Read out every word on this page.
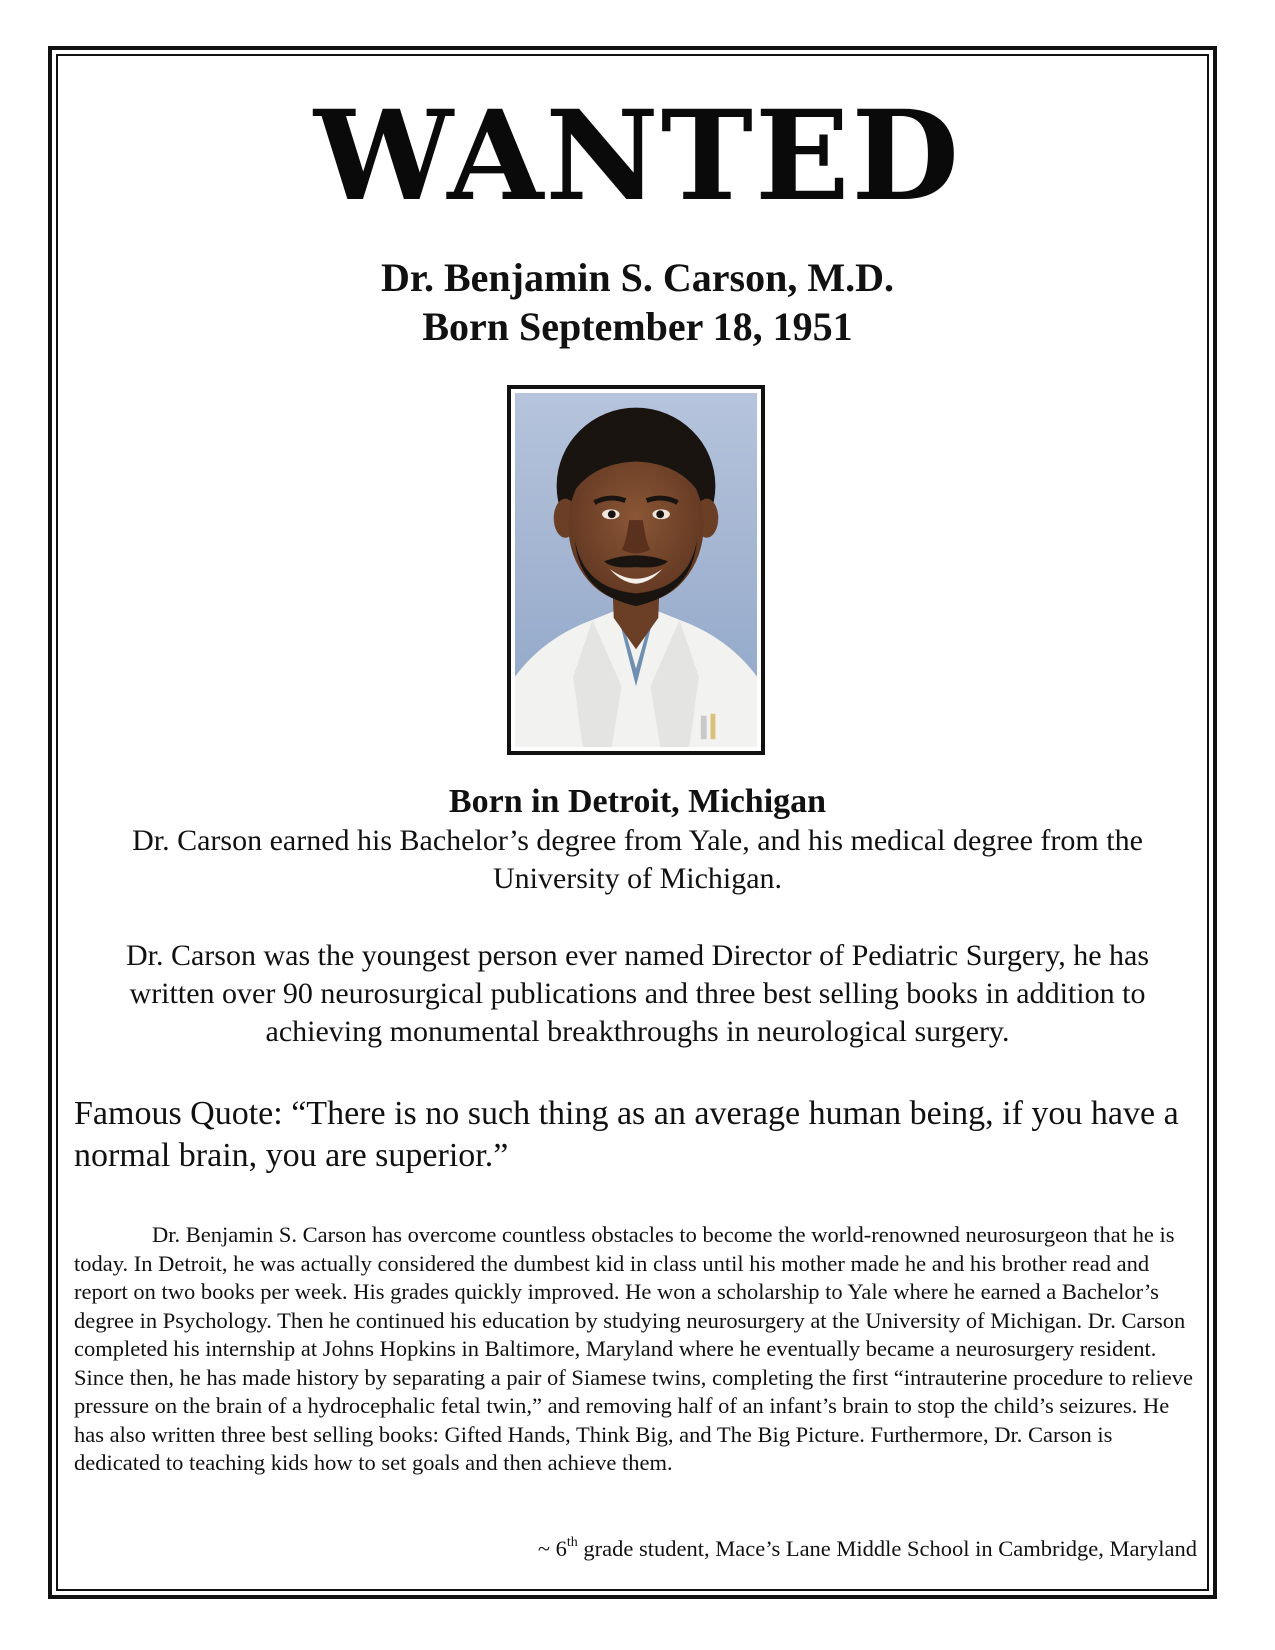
WANTED
Dr. Benjamin S. Carson, M.D.
Born September 18, 1951
Born in Detroit, Michigan
Dr. Carson earned his Bachelor’s degree from Yale, and his medical degree from the University of Michigan.
Dr. Carson was the youngest person ever named Director of Pediatric Surgery, he has written over 90 neurosurgical publications and three best selling books in addition to achieving monumental breakthroughs in neurological surgery.
Famous Quote: “There is no such thing as an average human being, if you have a normal brain, you are superior.”
Dr. Benjamin S. Carson has overcome countless obstacles to become the world-renowned neurosurgeon that he is today. In Detroit, he was actually considered the dumbest kid in class until his mother made he and his brother read and report on two books per week. His grades quickly improved. He won a scholarship to Yale where he earned a Bachelor’s degree in Psychology. Then he continued his education by studying neurosurgery at the University of Michigan. Dr. Carson completed his internship at Johns Hopkins in Baltimore, Maryland where he eventually became a neurosurgery resident. Since then, he has made history by separating a pair of Siamese twins, completing the first “intrauterine procedure to relieve pressure on the brain of a hydrocephalic fetal twin,” and removing half of an infant’s brain to stop the child’s seizures. He has also written three best selling books: Gifted Hands, Think Big, and The Big Picture. Furthermore, Dr. Carson is dedicated to teaching kids how to set goals and then achieve them.
~ 6th grade student, Mace’s Lane Middle School in Cambridge, Maryland
